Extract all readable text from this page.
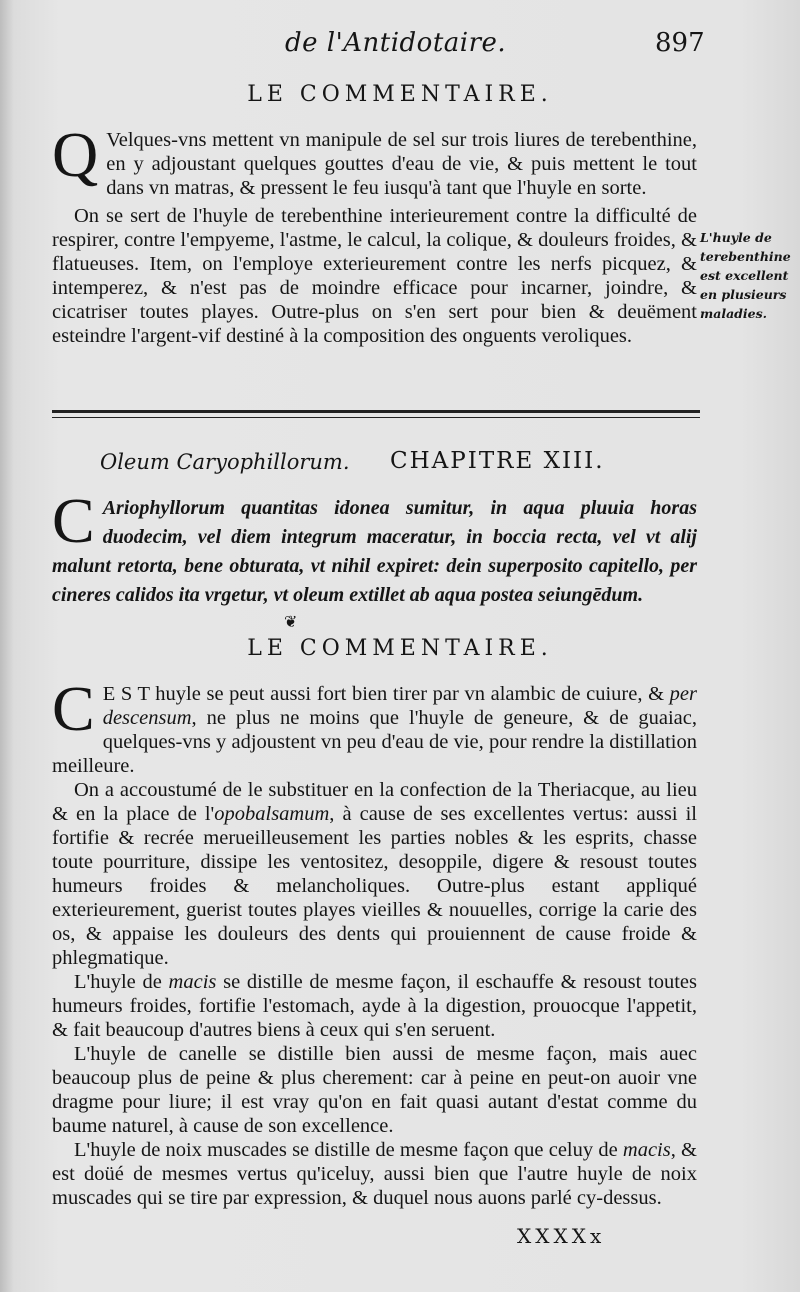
de l'Antidotaire.	897
LE COMMENTAIRE.

Q Velques-vns mettent vn manipule de sel sur trois liures de terebenthine, en y adjoustant quelques gouttes d'eau de vie, & puis mettent le tout dans vn matras, & pressent le feu iusqu'à tant que l'huyle en sorte.

On se sert de l'huyle de terebenthine interieurement contre la difficulté de respirer, contre l'empyeme, l'astme, le calcul, la colique, & douleurs froides, & flatueuses. Item, on l'employe exterieurement contre les nerfs picquez, & intemperez, & n'est pas de moindre efficace pour incarner, joindre, & cicatriser toutes playes. Outre-plus on s'en sert pour bien & deuëment esteindre l'argent-vif destiné à la composition des onguents veroliques.

L'huyle de terebenthine est excellent en plusieurs maladies.
Oleum Caryophillorum. CHAPITRE XIII.
C Ariophyllorum quantitas idonea sumitur, in aqua pluuia horas duodecim, vel diem integrum maceratur, in boccia recta, vel vt alij malunt retorta, bene obturata, vt nihil expiret: dein superposito capitello, per cineres calidos ita vrgetur, vt oleum extillet ab aqua postea seiungēdum.
❦
LE COMMENTAIRE.

C E S T huyle se peut aussi fort bien tirer par vn alambic de cuiure, & per descensum, ne plus ne moins que l'huyle de geneure, & de guaiac, quelques-vns y adjoustent vn peu d'eau de vie, pour rendre la distillation meilleure.

On a accoustumé de le substituer en la confection de la Theriacque, au lieu & en la place de l'opobalsamum, à cause de ses excellentes vertus: aussi il fortifie & recrée merueilleusement les parties nobles & les esprits, chasse toute pourriture, dissipe les ventositez, desoppile, digere & resoust toutes humeurs froides & melancholiques. Outre-plus estant appliqué exterieurement, guerist toutes playes vieilles & nouuelles, corrige la carie des os, & appaise les douleurs des dents qui prouiennent de cause froide & phlegmatique.

L'huyle de macis se distille de mesme façon, il eschauffe & resoust toutes humeurs froides, fortifie l'estomach, ayde à la digestion, prouocque l'appetit, & fait beaucoup d'autres biens à ceux qui s'en seruent.

L'huyle de canelle se distille bien aussi de mesme façon, mais auec beaucoup plus de peine & plus cherement: car à peine en peut-on auoir vne dragme pour liure; il est vray qu'on en fait quasi autant d'estat comme du baume naturel, à cause de son excellence.

L'huyle de noix muscades se distille de mesme façon que celuy de macis, & est doüé de mesmes vertus qu'iceluy, aussi bien que l'autre huyle de noix muscades qui se tire par expression, & duquel nous auons parlé cy-dessus.

XXXXx
